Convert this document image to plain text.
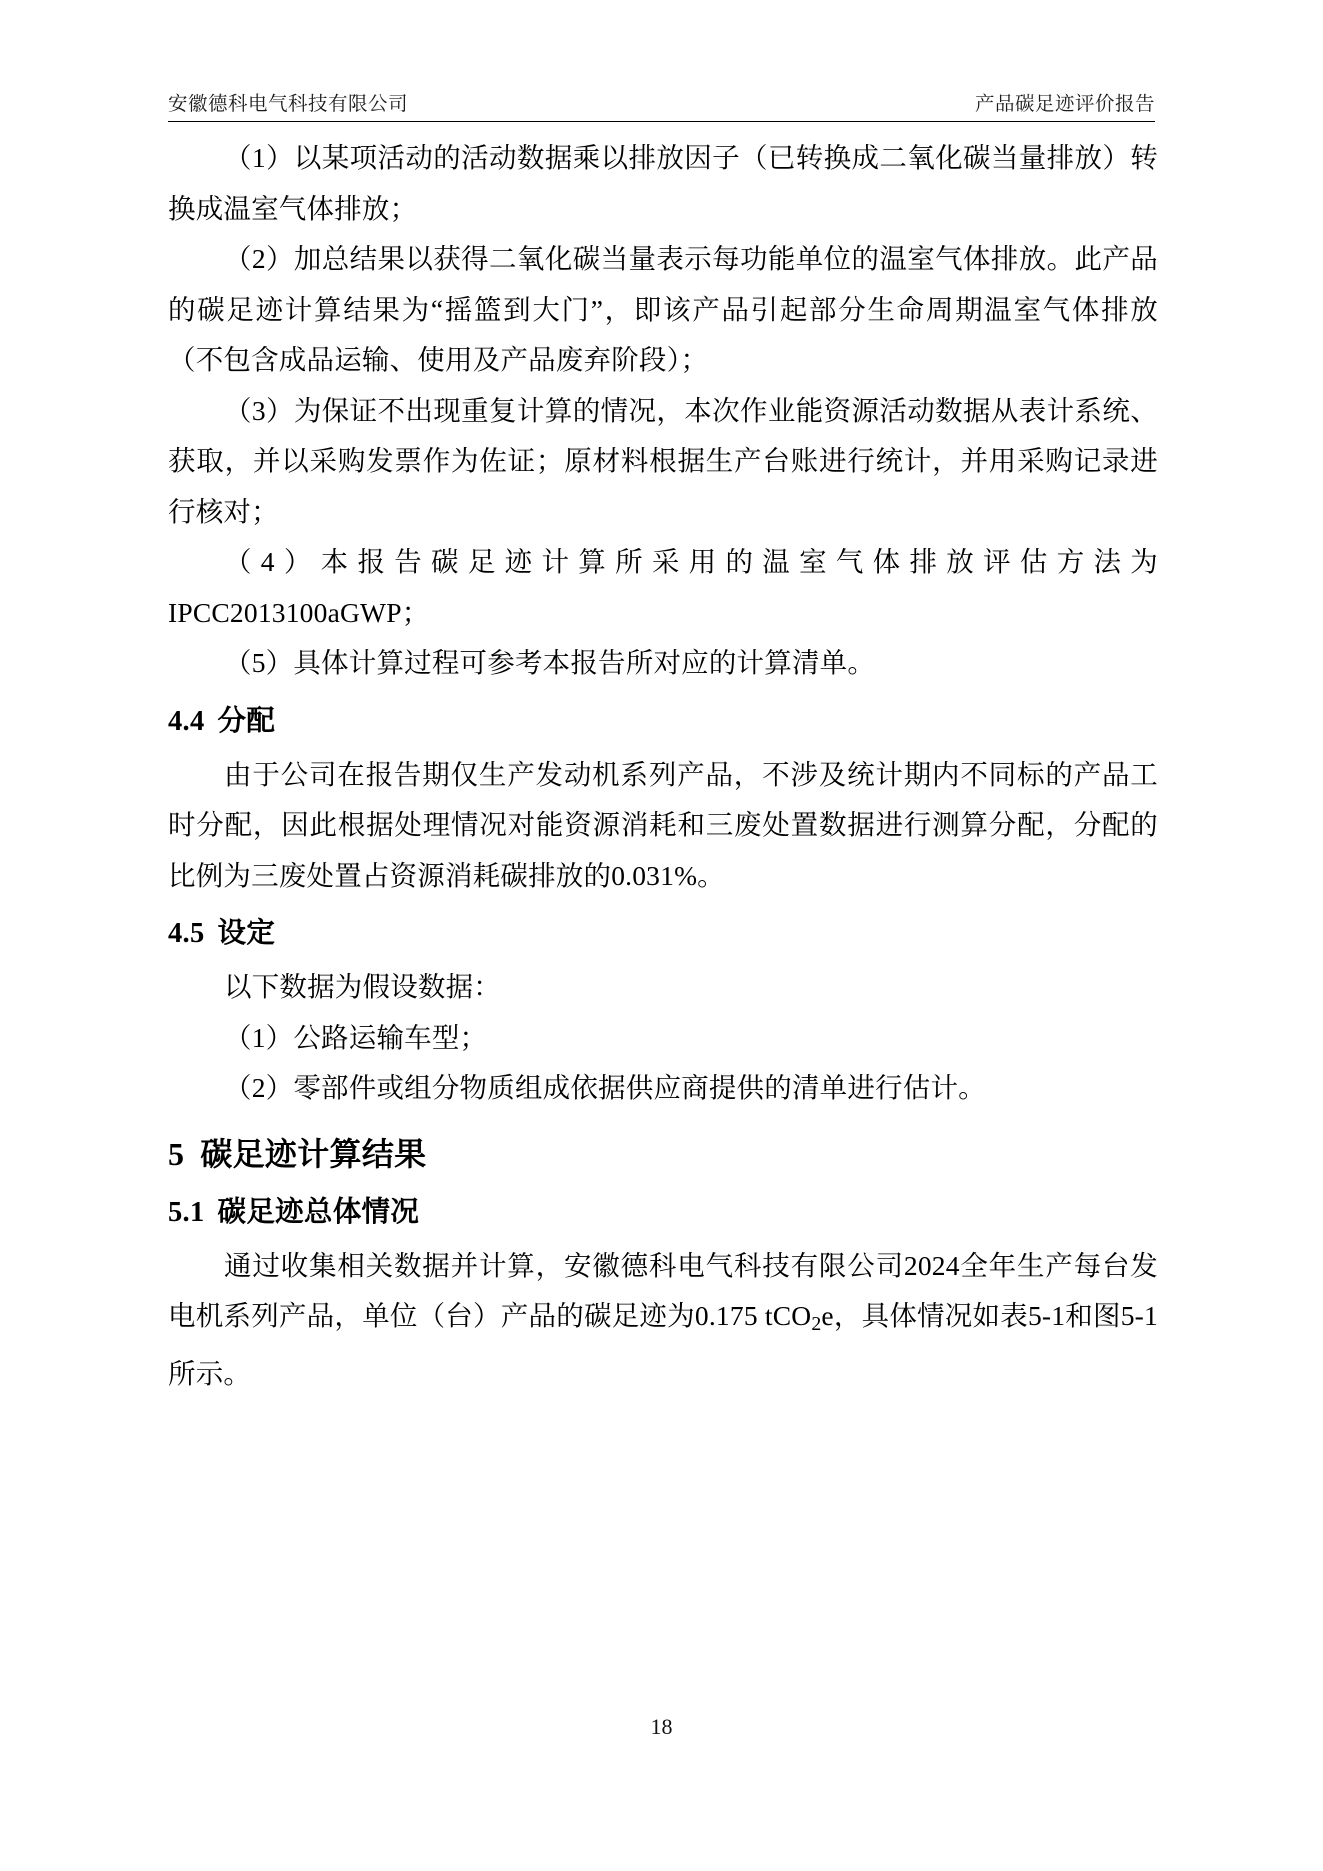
安徽德科电气科技有限公司	产品碳足迹评价报告

（1）以某项活动的活动数据乘以排放因子（已转换成二氧化碳当量排放）转换成温室气体排放；

（2）加总结果以获得二氧化碳当量表示每功能单位的温室气体排放。此产品的碳足迹计算结果为“摇篮到大门”，即该产品引起部分生命周期温室气体排放（不包含成品运输、使用及产品废弃阶段）；

（3）为保证不出现重复计算的情况，本次作业能资源活动数据从表计系统、获取，并以采购发票作为佐证；原材料根据生产台账进行统计，并用采购记录进行核对；

（4）本报告碳足迹计算所采用的温室气体排放评估方法为IPCC2013100aGWP；

（5）具体计算过程可参考本报告所对应的计算清单。

4.4 分配

由于公司在报告期仅生产发动机系列产品，不涉及统计期内不同标的产品工时分配，因此根据处理情况对能资源消耗和三废处置数据进行测算分配，分配的比例为三废处置占资源消耗碳排放的0.031%。

4.5 设定

以下数据为假设数据：

（1）公路运输车型；

（2）零部件或组分物质组成依据供应商提供的清单进行估计。

5 碳足迹计算结果
5.1 碳足迹总体情况

通过收集相关数据并计算，安徽德科电气科技有限公司2024全年生产每台发电机系列产品，单位（台）产品的碳足迹为0.175 tCO$_2$e，具体情况如表5-1和图5-1所示。

18
